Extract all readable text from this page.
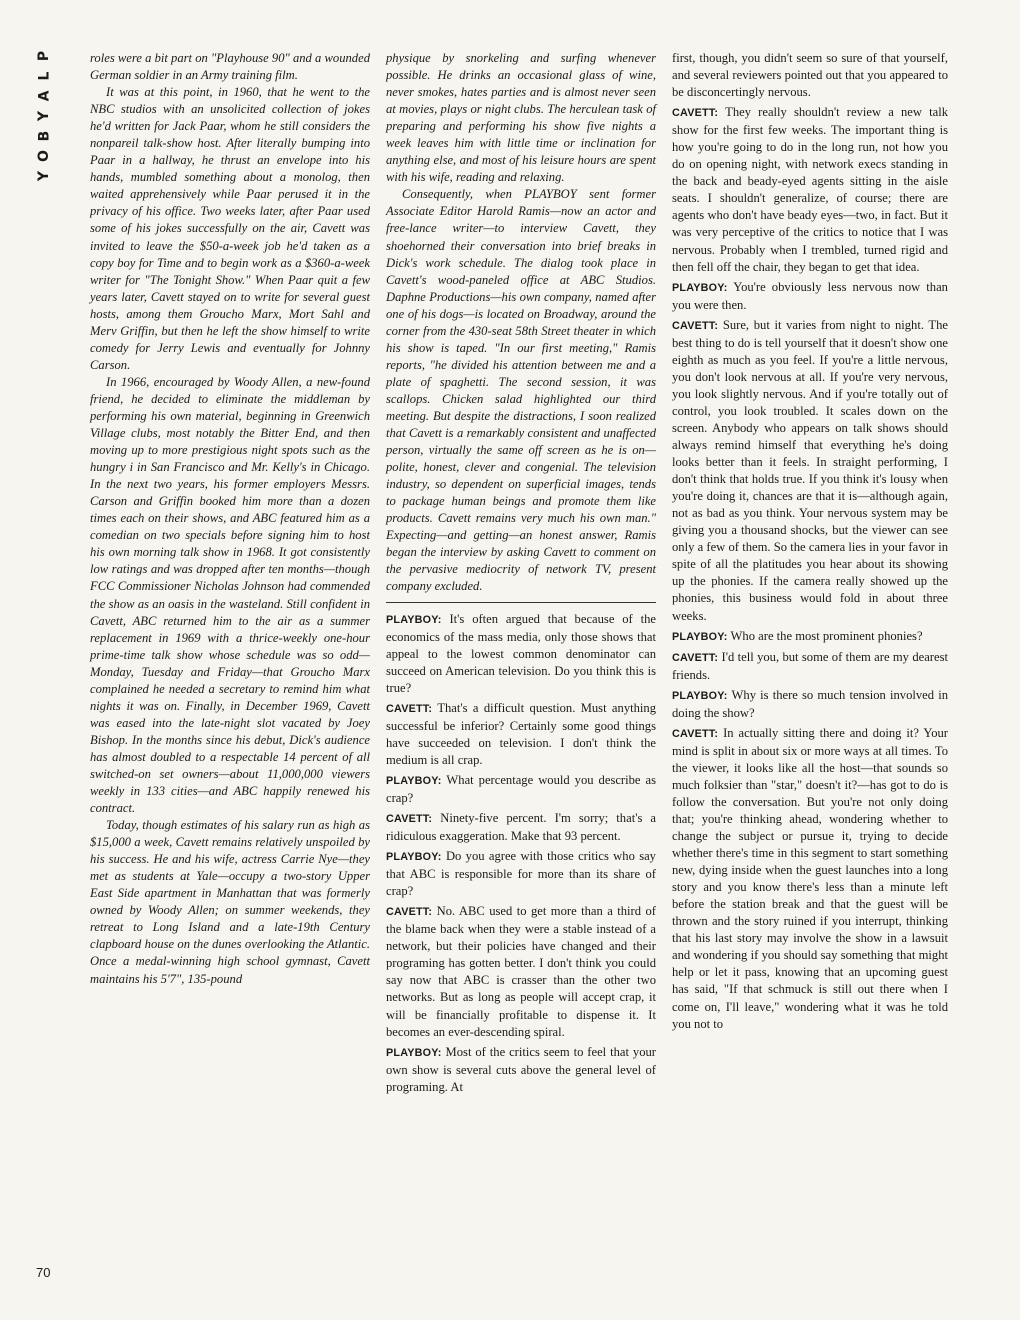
P
L
A
Y
B
O
Y
70

roles were a bit part on "Playhouse 90" and a wounded German soldier in an Army training film.

It was at this point, in 1960, that he went to the NBC studios with an unsolicited collection of jokes he'd written for Jack Paar, whom he still considers the nonpareil talk-show host. After literally bumping into Paar in a hallway, he thrust an envelope into his hands, mumbled something about a monolog, then waited apprehensively while Paar perused it in the privacy of his office. Two weeks later, after Paar used some of his jokes successfully on the air, Cavett was invited to leave the $50-a-week job he'd taken as a copy boy for Time and to begin work as a $360-a-week writer for "The Tonight Show." When Paar quit a few years later, Cavett stayed on to write for several guest hosts, among them Groucho Marx, Mort Sahl and Merv Griffin, but then he left the show himself to write comedy for Jerry Lewis and eventually for Johnny Carson.

In 1966, encouraged by Woody Allen, a new-found friend, he decided to eliminate the middleman by performing his own material, beginning in Greenwich Village clubs, most notably the Bitter End, and then moving up to more prestigious night spots such as the hungry i in San Francisco and Mr. Kelly's in Chicago. In the next two years, his former employers Messrs. Carson and Griffin booked him more than a dozen times each on their shows, and ABC featured him as a comedian on two specials before signing him to host his own morning talk show in 1968. It got consistently low ratings and was dropped after ten months—though FCC Commissioner Nicholas Johnson had commended the show as an oasis in the wasteland. Still confident in Cavett, ABC returned him to the air as a summer replacement in 1969 with a thrice-weekly one-hour prime-time talk show whose schedule was so odd—Monday, Tuesday and Friday—that Groucho Marx complained he needed a secretary to remind him what nights it was on. Finally, in December 1969, Cavett was eased into the late-night slot vacated by Joey Bishop. In the months since his debut, Dick's audience has almost doubled to a respectable 14 percent of all switched-on set owners—about 11,000,000 viewers weekly in 133 cities—and ABC happily renewed his contract.

Today, though estimates of his salary run as high as $15,000 a week, Cavett remains relatively unspoiled by his success. He and his wife, actress Carrie Nye—they met as students at Yale—occupy a two-story Upper East Side apartment in Manhattan that was formerly owned by Woody Allen; on summer weekends, they retreat to Long Island and a late-19th Century clapboard house on the dunes overlooking the Atlantic. Once a medal-winning high school gymnast, Cavett maintains his 5'7", 135-pound

physique by snorkeling and surfing whenever possible. He drinks an occasional glass of wine, never smokes, hates parties and is almost never seen at movies, plays or night clubs. The herculean task of preparing and performing his show five nights a week leaves him with little time or inclination for anything else, and most of his leisure hours are spent with his wife, reading and relaxing.

Consequently, when PLAYBOY sent former Associate Editor Harold Ramis—now an actor and free-lance writer—to interview Cavett, they shoehorned their conversation into brief breaks in Dick's work schedule. The dialog took place in Cavett's wood-paneled office at ABC Studios. Daphne Productions—his own company, named after one of his dogs—is located on Broadway, around the corner from the 430-seat 58th Street theater in which his show is taped. "In our first meeting," Ramis reports, "he divided his attention between me and a plate of spaghetti. The second session, it was scallops. Chicken salad highlighted our third meeting. But despite the distractions, I soon realized that Cavett is a remarkably consistent and unaffected person, virtually the same off screen as he is on—polite, honest, clever and congenial. The television industry, so dependent on superficial images, tends to package human beings and promote them like products. Cavett remains very much his own man." Expecting—and getting—an honest answer, Ramis began the interview by asking Cavett to comment on the pervasive mediocrity of network TV, present company excluded.

PLAYBOY: It's often argued that because of the economics of the mass media, only those shows that appeal to the lowest common denominator can succeed on American television. Do you think this is true?

CAVETT: That's a difficult question. Must anything successful be inferior? Certainly some good things have succeeded on television. I don't think the medium is all crap.

PLAYBOY: What percentage would you describe as crap?

CAVETT: Ninety-five percent. I'm sorry; that's a ridiculous exaggeration. Make that 93 percent.

PLAYBOY: Do you agree with those critics who say that ABC is responsible for more than its share of crap?

CAVETT: No. ABC used to get more than a third of the blame back when they were a stable instead of a network, but their policies have changed and their programing has gotten better. I don't think you could say now that ABC is crasser than the other two networks. But as long as people will accept crap, it will be financially profitable to dispense it. It becomes an ever-descending spiral.

PLAYBOY: Most of the critics seem to feel that your own show is several cuts above the general level of programing. At

first, though, you didn't seem so sure of that yourself, and several reviewers pointed out that you appeared to be disconcertingly nervous.

CAVETT: They really shouldn't review a new talk show for the first few weeks. The important thing is how you're going to do in the long run, not how you do on opening night, with network execs standing in the back and beady-eyed agents sitting in the aisle seats. I shouldn't generalize, of course; there are agents who don't have beady eyes—two, in fact. But it was very perceptive of the critics to notice that I was nervous. Probably when I trembled, turned rigid and then fell off the chair, they began to get that idea.

PLAYBOY: You're obviously less nervous now than you were then.

CAVETT: Sure, but it varies from night to night. The best thing to do is tell yourself that it doesn't show one eighth as much as you feel. If you're a little nervous, you don't look nervous at all. If you're very nervous, you look slightly nervous. And if you're totally out of control, you look troubled. It scales down on the screen. Anybody who appears on talk shows should always remind himself that everything he's doing looks better than it feels. In straight performing, I don't think that holds true. If you think it's lousy when you're doing it, chances are that it is—although again, not as bad as you think. Your nervous system may be giving you a thousand shocks, but the viewer can see only a few of them. So the camera lies in your favor in spite of all the platitudes you hear about its showing up the phonies. If the camera really showed up the phonies, this business would fold in about three weeks.

PLAYBOY: Who are the most prominent phonies?

CAVETT: I'd tell you, but some of them are my dearest friends.

PLAYBOY: Why is there so much tension involved in doing the show?

CAVETT: In actually sitting there and doing it? Your mind is split in about six or more ways at all times. To the viewer, it looks like all the host—that sounds so much folksier than "star," doesn't it?—has got to do is follow the conversation. But you're not only doing that; you're thinking ahead, wondering whether to change the subject or pursue it, trying to decide whether there's time in this segment to start something new, dying inside when the guest launches into a long story and you know there's less than a minute left before the station break and that the guest will be thrown and the story ruined if you interrupt, thinking that his last story may involve the show in a lawsuit and wondering if you should say something that might help or let it pass, knowing that an upcoming guest has said, "If that schmuck is still out there when I come on, I'll leave," wondering what it was he told you not to
